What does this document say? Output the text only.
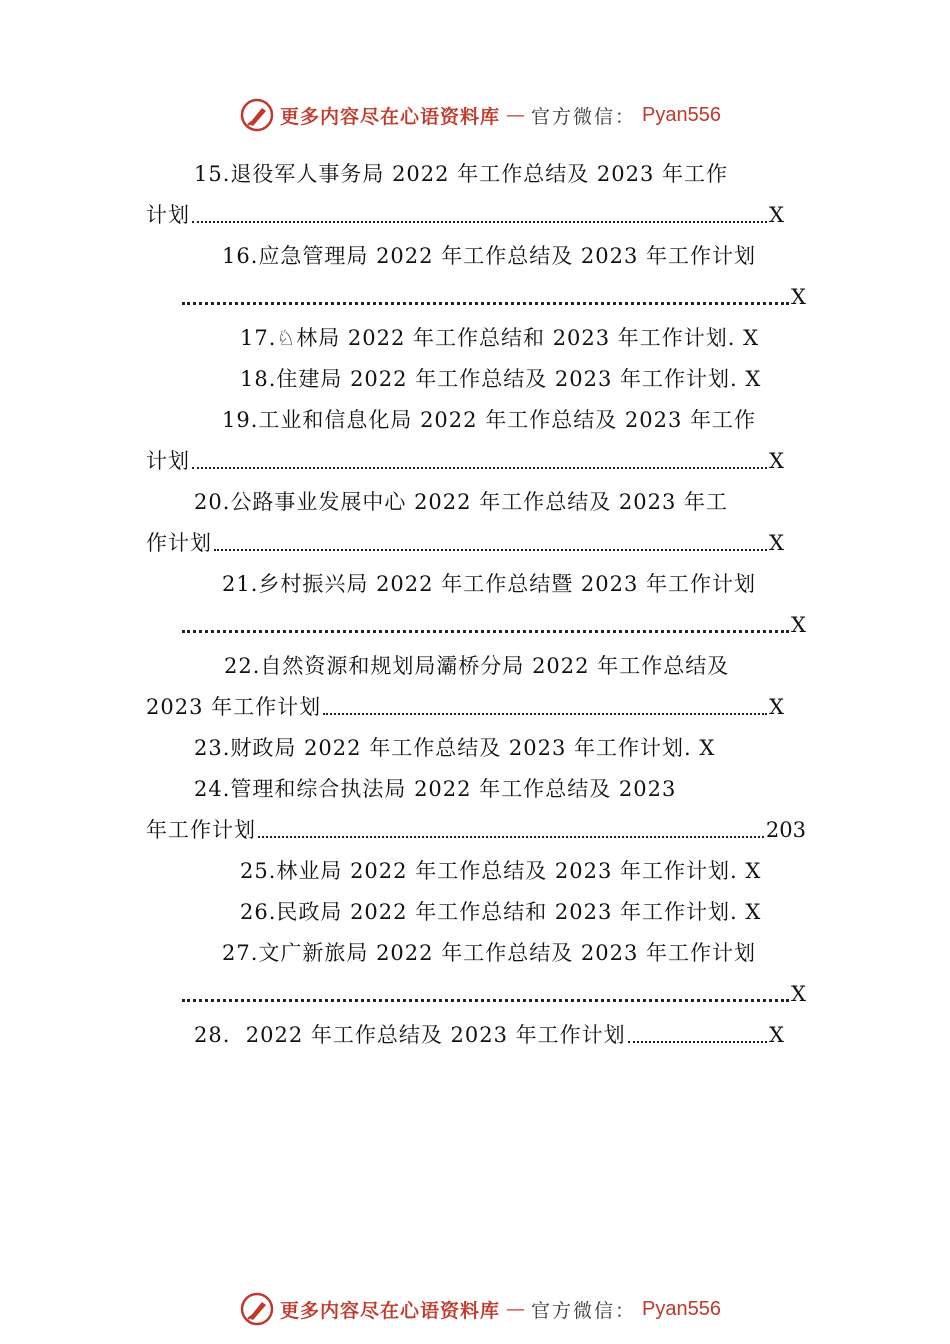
更多内容尽在心语资料库 — 官方微信： Pyan556
15.退役军人事务局 2022 年工作总结及 2023 年工作
计划	X
16.应急管理局 2022 年工作总结及 2023 年工作计划
X
17.♘林局 2022 年工作总结和 2023 年工作计划. X
18.住建局 2022 年工作总结及 2023 年工作计划. X
19.工业和信息化局 2022 年工作总结及 2023 年工作
计划	X
20.公路事业发展中心 2022 年工作总结及 2023 年工
作计划	X
21.乡村振兴局 2022 年工作总结暨 2023 年工作计划
X
22.自然资源和规划局灞桥分局 2022 年工作总结及
2023 年工作计划	X
23.财政局 2022 年工作总结及 2023 年工作计划. X
24.管理和综合执法局 2022 年工作总结及 2023
年工作计划	203
25.林业局 2022 年工作总结及 2023 年工作计划. X
26.民政局 2022 年工作总结和 2023 年工作计划. X
27.文广新旅局 2022 年工作总结及 2023 年工作计划
X
28.  2022 年工作总结及 2023 年工作计划	X
更多内容尽在心语资料库 — 官方微信： Pyan556
